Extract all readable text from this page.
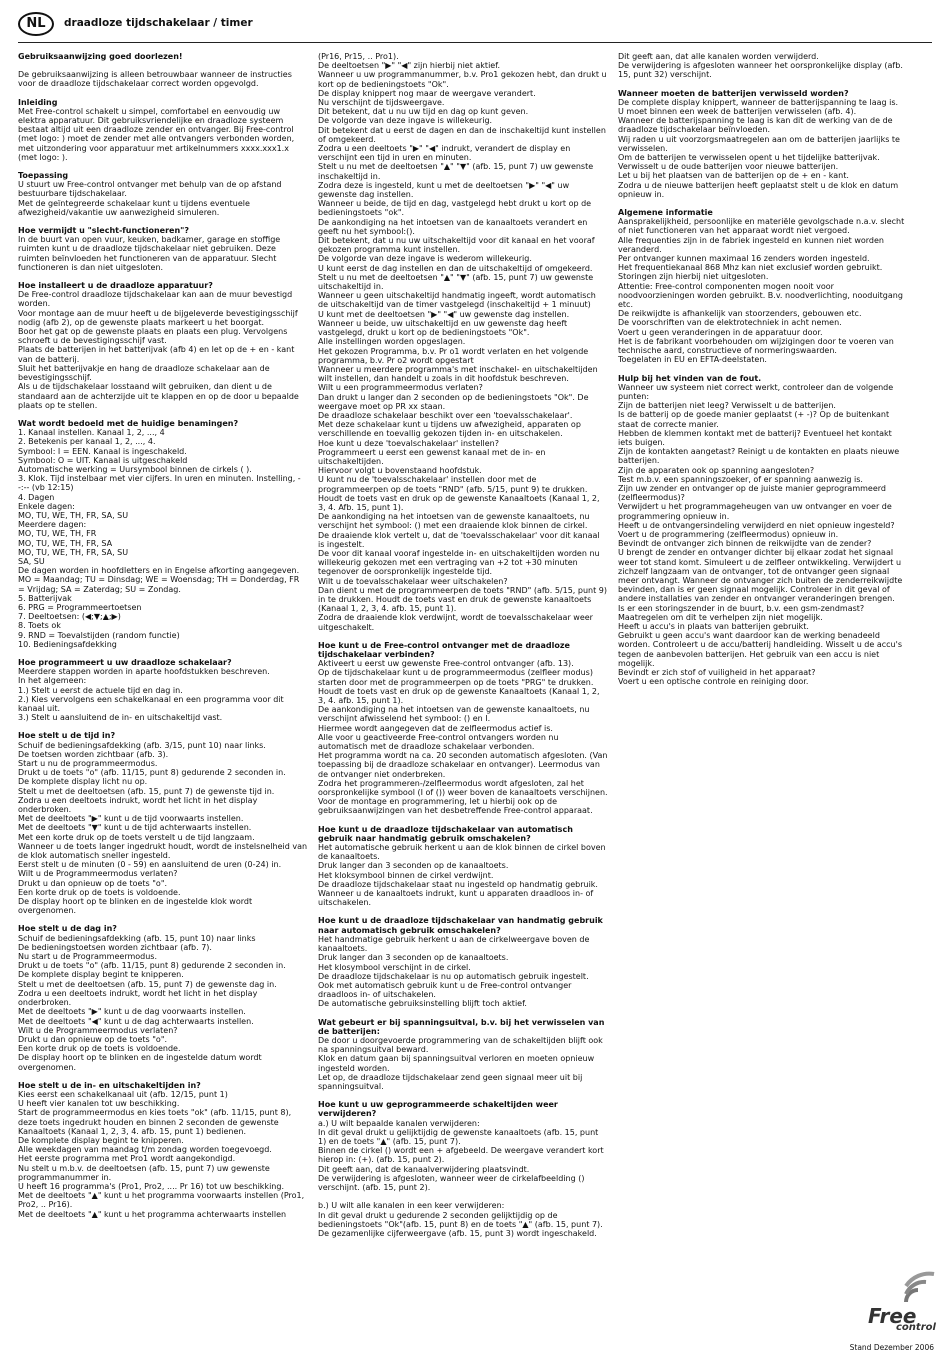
NL	draadloze tijdschakelaar / timer
Gebruiksaanwijzing goed doorlezen!

De gebruiksaanwijzing is alleen betrouwbaar wanneer de instructies voor de draadloze tijdschakelaar correct worden opgevolgd.

Inleiding

Met Free-control schakelt u simpel, comfortabel en eenvoudig uw elektra apparatuur. Dit gebruiksvriendelijke en draadloze systeem bestaat altijd uit een draadloze zender en ontvanger. Bij Free-control (met logo: ) moet de zender met alle ontvangers verbonden worden, met uitzondering voor apparatuur met artikelnummers xxxx.xxx1.x (met logo: ).

Toepassing

U stuurt uw Free-control ontvanger met behulp van de op afstand bestuurbare tijdschakelaar.
Met de geïntegreerde schakelaar kunt u tijdens eventuele afwezigheid/vakantie uw aanwezigheid simuleren.

Hoe vermijdt u "slecht-functioneren"?

In de buurt van open vuur, keuken, badkamer, garage en stoffige ruimten kunt u de draadloze tijdschakelaar niet gebruiken. Deze ruimten beïnvloeden het functioneren van de apparatuur. Slecht functioneren is dan niet uitgesloten.

Hoe installeert u de draadloze apparatuur?

De Free-control draadloze tijdschakelaar kan aan de muur bevestigd worden.
Voor montage aan de muur heeft u de bijgeleverde bevestigingsschijf nodig (afb 2), op de gewenste plaats markeert u het boorgat.
Boor het gat op de gewenste plaats en plaats een plug. Vervolgens schroeft u de bevestigingsschijf vast.
Plaats de batterijen in het batterijvak (afb 4) en let op de + en - kant van de batterij.
Sluit het batterijvakje en hang de draadloze schakelaar aan de bevestigingsschijf.
Als u de tijdschakelaar losstaand wilt gebruiken, dan dient u de standaard aan de achterzijde uit te klappen en op de door u bepaalde plaats op te stellen.

Wat wordt bedoeld met de huidige benamingen?

1. Kanaal instellen. Kanaal 1, 2, ..., 4
2. Betekenis per kanaal 1, 2, ..., 4.
Symbool: I = EEN. Kanaal is ingeschakeld.
Symbool: O = UIT. Kanaal is uitgeschakeld
Automatische werking = Uursymbool binnen de cirkels ( ).
3. Klok. Tijd instelbaar met vier cijfers. In uren en minuten. Instelling, --:-- (vb 12:15)
4. Dagen
Enkele dagen:
MO, TU, WE, TH, FR, SA, SU
Meerdere dagen:
MO, TU, WE, TH, FR
MO, TU, WE, TH, FR, SA
MO, TU, WE, TH, FR, SA, SU
SA, SU
De dagen worden in hoofdletters en in Engelse afkorting aangegeven.
MO = Maandag; TU = Dinsdag; WE = Woensdag; TH = Donderdag, FR = Vrijdag; SA = Zaterdag; SU = Zondag.
5. Batterijvak
6. PRG = Programmeertoetsen
7. Deeltoetsen: (◀;▼;▲;▶)
8. Toets ok
9. RND = Toevalstijden (random functie)
10. Bedieningsafdekking

Hoe programmeert u uw draadloze schakelaar?

Meerdere stappen worden in aparte hoofdstukken beschreven.
In het algemeen:
1.) Stelt u eerst de actuele tijd en dag in.
2.) Kies vervolgens een schakelkanaal en een programma voor dit kanaal uit.
3.) Stelt u aansluitend de in- en uitschakeltijd vast.

Hoe stelt u de tijd in?

Schuif de bedieningsafdekking (afb. 3/15, punt 10) naar links.
De toetsen worden zichtbaar (afb. 3).
Start u nu de programmeermodus.
Drukt u de toets "o" (afb. 11/15, punt 8) gedurende 2 seconden in.
De komplete display licht nu op.
Stelt u met de deeltoetsen (afb. 15, punt 7) de gewenste tijd in.
Zodra u een deeltoets indrukt, wordt het licht in het display onderbroken.
Met de deeltoets "▶" kunt u de tijd voorwaarts instellen.
Met de deeltoets "▼" kunt u de tijd achterwaarts instellen.
Met een korte druk op de toets verstelt u de tijd langzaam.
Wanneer u de toets langer ingedrukt houdt, wordt de instelsnelheid van de klok automatisch sneller ingesteld.
Eerst stelt u de minuten (0 - 59) en aansluitend de uren (0-24) in.
Wilt u de Programmeermodus verlaten?
Drukt u dan opnieuw op de toets "o".
Een korte druk op de toets is voldoende.
De display hoort op te blinken en de ingestelde klok wordt overgenomen.

Hoe stelt u de dag in?

Schuif de bedieningsafdekking (afb. 15, punt 10) naar links
De bedieningstoetsen worden zichtbaar (afb. 7).
Nu start u de Programmeermodus.
Drukt u de toets "o" (afb. 11/15, punt 8) gedurende 2 seconden in.
De komplete display begint te knipperen.
Stelt u met de deeltoetsen (afb. 15, punt 7) de gewenste dag in.
Zodra u een deeltoets indrukt, wordt het licht in het display onderbroken.
Met de deeltoets "▶" kunt u de dag voorwaarts instellen.
Met de deeltoets "◀" kunt u de dag achterwaarts instellen.
Wilt u de Programmeermodus verlaten?
Drukt u dan opnieuw op de toets "o".
Een korte druk op de toets is voldoende.
De display hoort op te blinken en de ingestelde datum wordt overgenomen.

Hoe stelt u de in- en uitschakeltijden in?

Kies eerst een schakelkanaal uit (afb. 12/15, punt 1)
U heeft vier kanalen tot uw beschikking.
Start de programmeermodus en kies toets "ok" (afb. 11/15, punt 8), deze toets ingedrukt houden en binnen 2 seconden de gewenste Kanaaltoets (Kanaal 1, 2, 3, 4. afb. 15, punt 1) bedienen.
De komplete display begint te knipperen.
Alle weekdagen van maandag t/m zondag worden toegevoegd.
Het eerste programma met Pro1 wordt aangekondigd.
Nu stelt u m.b.v. de deeltoetsen (afb. 15, punt 7) uw gewenste programmanummer in.
U heeft 16 programma's (Pro1, Pro2, .... Pr 16) tot uw beschikking.
Met de deeltoets "▲" kunt u het programma voorwaarts instellen (Pro1, Pro2, .. Pr16).
Met de deeltoets "▲" kunt u het programma achterwaarts instellen

(Pr16, Pr15, .. Pro1).
De deeltoetsen "▶" "◀" zijn hierbij niet aktief.
Wanneer u uw programmanummer, b.v. Pro1 gekozen hebt, dan drukt u kort op de bedieningstoets "Ok".
De display knippert nog maar de weergave verandert.
Nu verschijnt de tijdsweergave.
Dit betekent, dat u nu uw tijd en dag op kunt geven.
De volgorde van deze ingave is willekeurig.
Dit betekent dat u eerst de dagen en dan de inschakeltijd kunt instellen of omgekeerd.
Zodra u een deeltoets "▶" "◀" indrukt, verandert de display en verschijnt een tijd in uren en minuten.
Stelt u nu met de deeltoetsen "▲" "▼" (afb. 15, punt 7) uw gewenste inschakeltijd in.
Zodra deze is ingesteld, kunt u met de deeltoetsen "▶" "◀" uw gewenste dag instellen.
Wanneer u beide, de tijd en dag, vastgelegd hebt drukt u kort op de bedieningstoets "ok".
De aankondiging na het intoetsen van de kanaaltoets verandert en geeft nu het symbool:().
Dit betekent, dat u nu uw uitschakeltijd voor dit kanaal en het vooraf gekozen programma kunt instellen.
De volgorde van deze ingave is wederom willekeurig.
U kunt eerst de dag instellen en dan de uitschakeltijd of omgekeerd.
Stelt u nu met de deeltoetsen "▲" "▼" (afb. 15, punt 7) uw gewenste uitschakeltijd in.
Wanneer u geen uitschakeltijd handmatig ingeeft, wordt automatisch de uitschakeltijd van de timer vastgelegd (inschakeltijd + 1 minuut)
U kunt met de deeltoetsen "▶" "◀" uw gewenste dag instellen.
Wanneer u beide, uw uitschakeltijd en uw gewenste dag heeft vastgelegd, drukt u kort op de bedieningstoets "Ok".
Alle instellingen worden opgeslagen.
Het gekozen Programma, b.v. Pr o1 wordt verlaten en het volgende programma, b.v. Pr o2 wordt opgestart
Wanneer u meerdere programma's met inschakel- en uitschakeltijden wilt instellen, dan handelt u zoals in dit hoofdstuk beschreven.
Wilt u een programmeermodus verlaten?
Dan drukt u langer dan 2 seconden op de bedieningstoets "Ok". De weergave moet op PR xx staan.
De draadloze schakelaar beschikt over een 'toevalsschakelaar'.
Met deze schakelaar kunt u tijdens uw afwezigheid, apparaten op verschillende en toevallig gekozen tijden in- en uitschakelen.
Hoe kunt u deze 'toevalschakelaar' instellen?
Programmeert u eerst een gewenst kanaal met de in- en uitschakeltijden.
Hiervoor volgt u bovenstaand hoofdstuk.
U kunt nu de 'toevalsschakelaar' instellen door met de programmeerpen op de toets "RND" (afb. 5/15, punt 9) te drukken. Houdt de toets vast en druk op de gewenste Kanaaltoets (Kanaal 1, 2, 3, 4. Afb. 15, punt 1).
De aankondiging na het intoetsen van de gewenste kanaaltoets, nu verschijnt het symbool: () met een draaiende klok binnen de cirkel.
De draaiende klok vertelt u, dat de 'toevalsschakelaar' voor dit kanaal is ingestelt.
De voor dit kanaal vooraf ingestelde in- en uitschakeltijden worden nu willekeurig gekozen met een vertraging van +2 tot +30 minuten tegenover de oorspronkelijk ingestelde tijd.
Wilt u de toevalsschakelaar weer uitschakelen?
Dan dient u met de programmeerpen de toets "RND" (afb. 5/15, punt 9) in te drukken. Houdt de toets vast en druk de gewenste kanaaltoets (Kanaal 1, 2, 3, 4. afb. 15, punt 1).
Zodra de draaiende klok verdwijnt, wordt de toevalsschakelaar weer uitgeschakelt.

Hoe kunt u de Free-control ontvanger met de draadloze tijdschakelaar verbinden?

Aktiveert u eerst uw gewenste Free-control ontvanger (afb. 13).
Op de tijdschakelaar kunt u de programmeermodus (zelfleer modus) starten door met de programmeerpen op de toets "PRG" te drukken. Houdt de toets vast en druk op de gewenste Kanaaltoets (Kanaal 1, 2, 3, 4. afb. 15, punt 1).
De aankondiging na het intoetsen van de gewenste kanaaltoets, nu verschijnt afwisselend het symbool: () en I.
Hiermee wordt aangegeven dat de zelfleermodus actief is.
Alle voor u geactiveerde Free-control ontvangers worden nu automatisch met de draadloze schakelaar verbonden.
Het programma wordt na ca. 20 seconden automatisch afgesloten. (Van toepassing bij de draadloze schakelaar en ontvanger). Leermodus van de ontvanger niet onderbreken.
Zodra het programmeren-/zelfleermodus wordt afgesloten, zal het oorspronkelijke symbool (I of ()) weer boven de kanaaltoets verschijnen.
Voor de montage en programmering, let u hierbij ook op de gebruiksaanwijzingen van het desbetreffende Free-control apparaat.

Hoe kunt u de draadloze tijdschakelaar van automatisch gebruik naar handmatig gebruik omschakelen?

Het automatische gebruik herkent u aan de klok binnen de cirkel boven de kanaaltoets.
Druk langer dan 3 seconden op de kanaaltoets.
Het kloksymbool binnen de cirkel verdwijnt.
De draadloze tijdschakelaar staat nu ingesteld op handmatig gebruik. Wanneer u de kanaaltoets indrukt, kunt u apparaten draadloos in- of uitschakelen.

Hoe kunt u de draadloze tijdschakelaar van handmatig gebruik naar automatisch gebruik omschakelen?

Het handmatige gebruik herkent u aan de cirkelweergave boven de kanaaltoets.
Druk langer dan 3 seconden op de kanaaltoets.
Het klosymbool verschijnt in de cirkel.
De draadloze tijdschakelaar is nu op automatisch gebruik ingestelt.
Ook met automatisch gebruik kunt u de Free-control ontvanger draadloos in- of uitschakelen.
De automatische gebruiksinstelling blijft toch aktief.

Wat gebeurt er bij spanningsuitval, b.v. bij het verwisselen van de batterijen:

De door u doorgevoerde programmering van de schakeltijden blijft ook na spanningsuitval beward.
Klok en datum gaan bij spanningsuitval verloren en moeten opnieuw ingesteld worden.
Let op, de draadloze tijdschakelaar zend geen signaal meer uit bij spanningsuitval.

Hoe kunt u uw geprogrammeerde schakeltijden weer verwijderen?

a.) U wilt bepaalde kanalen verwijderen:
In dit geval drukt u gelijktijdig de gewenste kanaaltoets (afb. 15, punt 1) en de toets "▲" (afb. 15, punt 7).
Binnen de cirkel () wordt een + afgebeeld. De weergave verandert kort hierop in: (+). (afb. 15, punt 2).
Dit geeft aan, dat de kanaalverwijdering plaatsvindt.
De verwijdering is afgesloten, wanneer weer de cirkelafbeelding () verschijnt. (afb. 15, punt 2).

b.) U wilt alle kanalen in een keer verwijderen:
In dit geval drukt u gedurende 2 seconden gelijktijdig op de bedieningstoets "Ok"(afb. 15, punt 8) en de toets "▲" (afb. 15, punt 7).
De gezamenlijke cijferweergave (afb. 15, punt 3) wordt ingeschakeld.

Dit geeft aan, dat alle kanalen worden verwijderd.
De verwijdering is afgesloten wanneer het oorspronkelijke display (afb. 15, punt 32) verschijnt.

Wanneer moeten de batterijen verwisseld worden?

De complete display knippert, wanneer de batterijspanning te laag is.
U moet binnen een week de batterijen verwisselen (afb. 4).
Wanneer de batterijspanning te laag is kan dit de werking van de de draadloze tijdschakelaar beïnvloeden.
Wij raden u uit voorzorgsmaatregelen aan om de batterijen jaarlijks te verwisselen.
Om de batterijen te verwisselen opent u het tijdelijke batterijvak.
Verwisselt u de oude batterijen voor nieuwe batterijen.
Let u bij het plaatsen van de batterijen op de + en - kant.
Zodra u de nieuwe batterijen heeft geplaatst stelt u de klok en datum opnieuw in.

Algemene informatie

Aansprakelijkheid, persoonlijke en materiële gevolgschade n.a.v. slecht of niet functioneren van het apparaat wordt niet vergoed.
Alle frequenties zijn in de fabriek ingesteld en kunnen niet worden veranderd.
Per ontvanger kunnen maximaal 16 zenders worden ingesteld.
Het frequentiekanaal 868 Mhz kan niet exclusief worden gebruikt.
Storingen zijn hierbij niet uitgesloten.
Attentie: Free-control componenten mogen nooit voor noodvoorzieningen worden gebruikt. B.v. noodverlichting, nooduitgang etc.
De reikwijdte is afhankelijk van stoorzenders, gebouwen etc.
De voorschriften van de elektrotechniek in acht nemen.
Voert u geen veranderingen in de apparatuur door.
Het is de fabrikant voorbehouden om wijzigingen door te voeren van technische aard, constructieve of normeringswaarden.
Toegelaten in EU en EFTA-deelstaten.

Hulp bij het vinden van de fout.

Wanneer uw systeem niet correct werkt, controleer dan de volgende punten:
Zijn de batterijen niet leeg? Verwisselt u de batterijen.
Is de batterij op de goede manier geplaatst (+ -)? Op de buitenkant staat de correcte manier.
Hebben de klemmen kontakt met de batterij? Eventueel het kontakt iets buigen.
Zijn de kontakten aangetast? Reinigt u de kontakten en plaats nieuwe batterijen.
Zijn de apparaten ook op spanning aangesloten?
Test m.b.v. een spanningszoeker, of er spanning aanwezig is.
Zijn uw zender en ontvanger op de juiste manier geprogrammeerd (zelfleermodus)?
Verwijdert u het programmageheugen van uw ontvanger en voer de programmering opnieuw in.
Heeft u de ontvangersindeling verwijderd en niet opnieuw ingesteld? Voert u de programmering (zelfleermodus) opnieuw in.
Bevindt de ontvanger zich binnen de reikwijdte van de zender?
U brengt de zender en ontvanger dichter bij elkaar zodat het signaal weer tot stand komt. Simuleert u de zelfleer ontwikkeling. Verwijdert u zichzelf langzaam van de ontvanger, tot de ontvanger geen signaal meer ontvangt. Wanneer de ontvanger zich buiten de zenderreikwijdte bevinden, dan is er geen signaal mogelijk. Controleer in dit geval of andere installaties van zender en ontvanger veranderingen brengen.
Is er een storingszender in de buurt, b.v. een gsm-zendmast?
Maatregelen om dit te verhelpen zijn niet mogelijk.
Heeft u accu's in plaats van batterijen gebruikt.
Gebruikt u geen accu's want daardoor kan de werking benadeeld worden. Controleert u de accu/batterij handleiding. Wisselt u de accu's tegen de aanbevolen batterijen. Het gebruik van een accu is niet mogelijk.
Bevindt er zich stof of vuiligheid in het apparaat?
Voert u een optische controle en reiniging door.

Free
control
Stand Dezember 2006
